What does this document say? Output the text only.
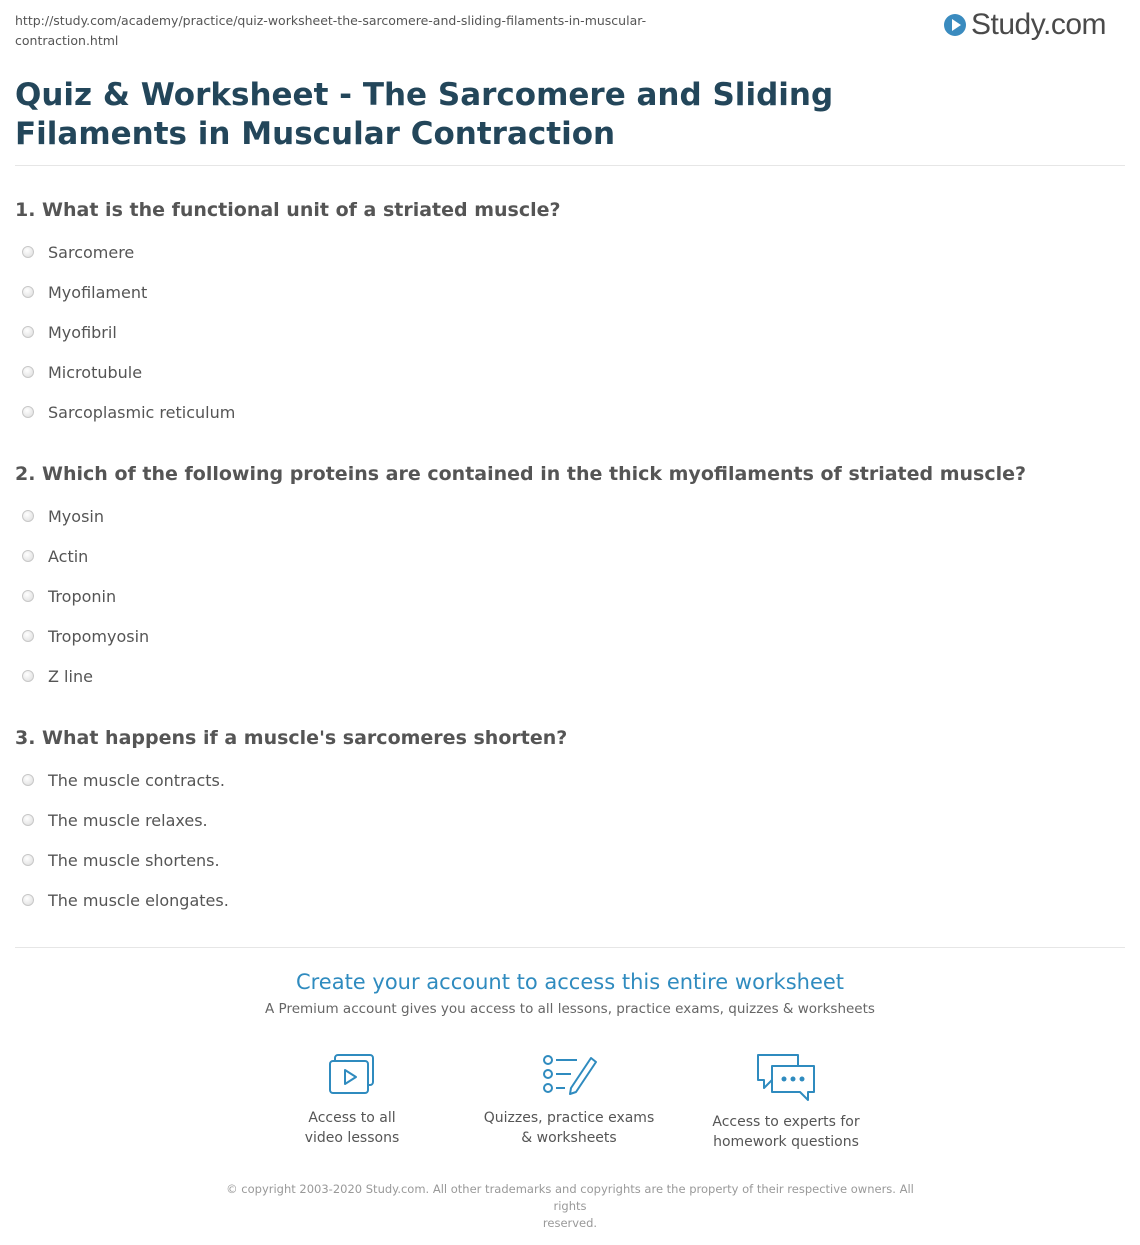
http://study.com/academy/practice/quiz-worksheet-the-sarcomere-and-sliding-filaments-in-muscular-contraction.html	Study.com
Quiz & Worksheet - The Sarcomere and Sliding Filaments in Muscular Contraction
1. What is the functional unit of a striated muscle?
Sarcomere
Myofilament
Myofibril
Microtubule
Sarcoplasmic reticulum
2. Which of the following proteins are contained in the thick myofilaments of striated muscle?
Myosin
Actin
Troponin
Tropomyosin
Z line
3. What happens if a muscle's sarcomeres shorten?
The muscle contracts.
The muscle relaxes.
The muscle shortens.
The muscle elongates.
Create your account to access this entire worksheet
A Premium account gives you access to all lessons, practice exams, quizzes & worksheets
Access to all
video lessons
Quizzes, practice exams
& worksheets
Access to experts for
homework questions
© copyright 2003-2020 Study.com. All other trademarks and copyrights are the property of their respective owners. All rights
reserved.
